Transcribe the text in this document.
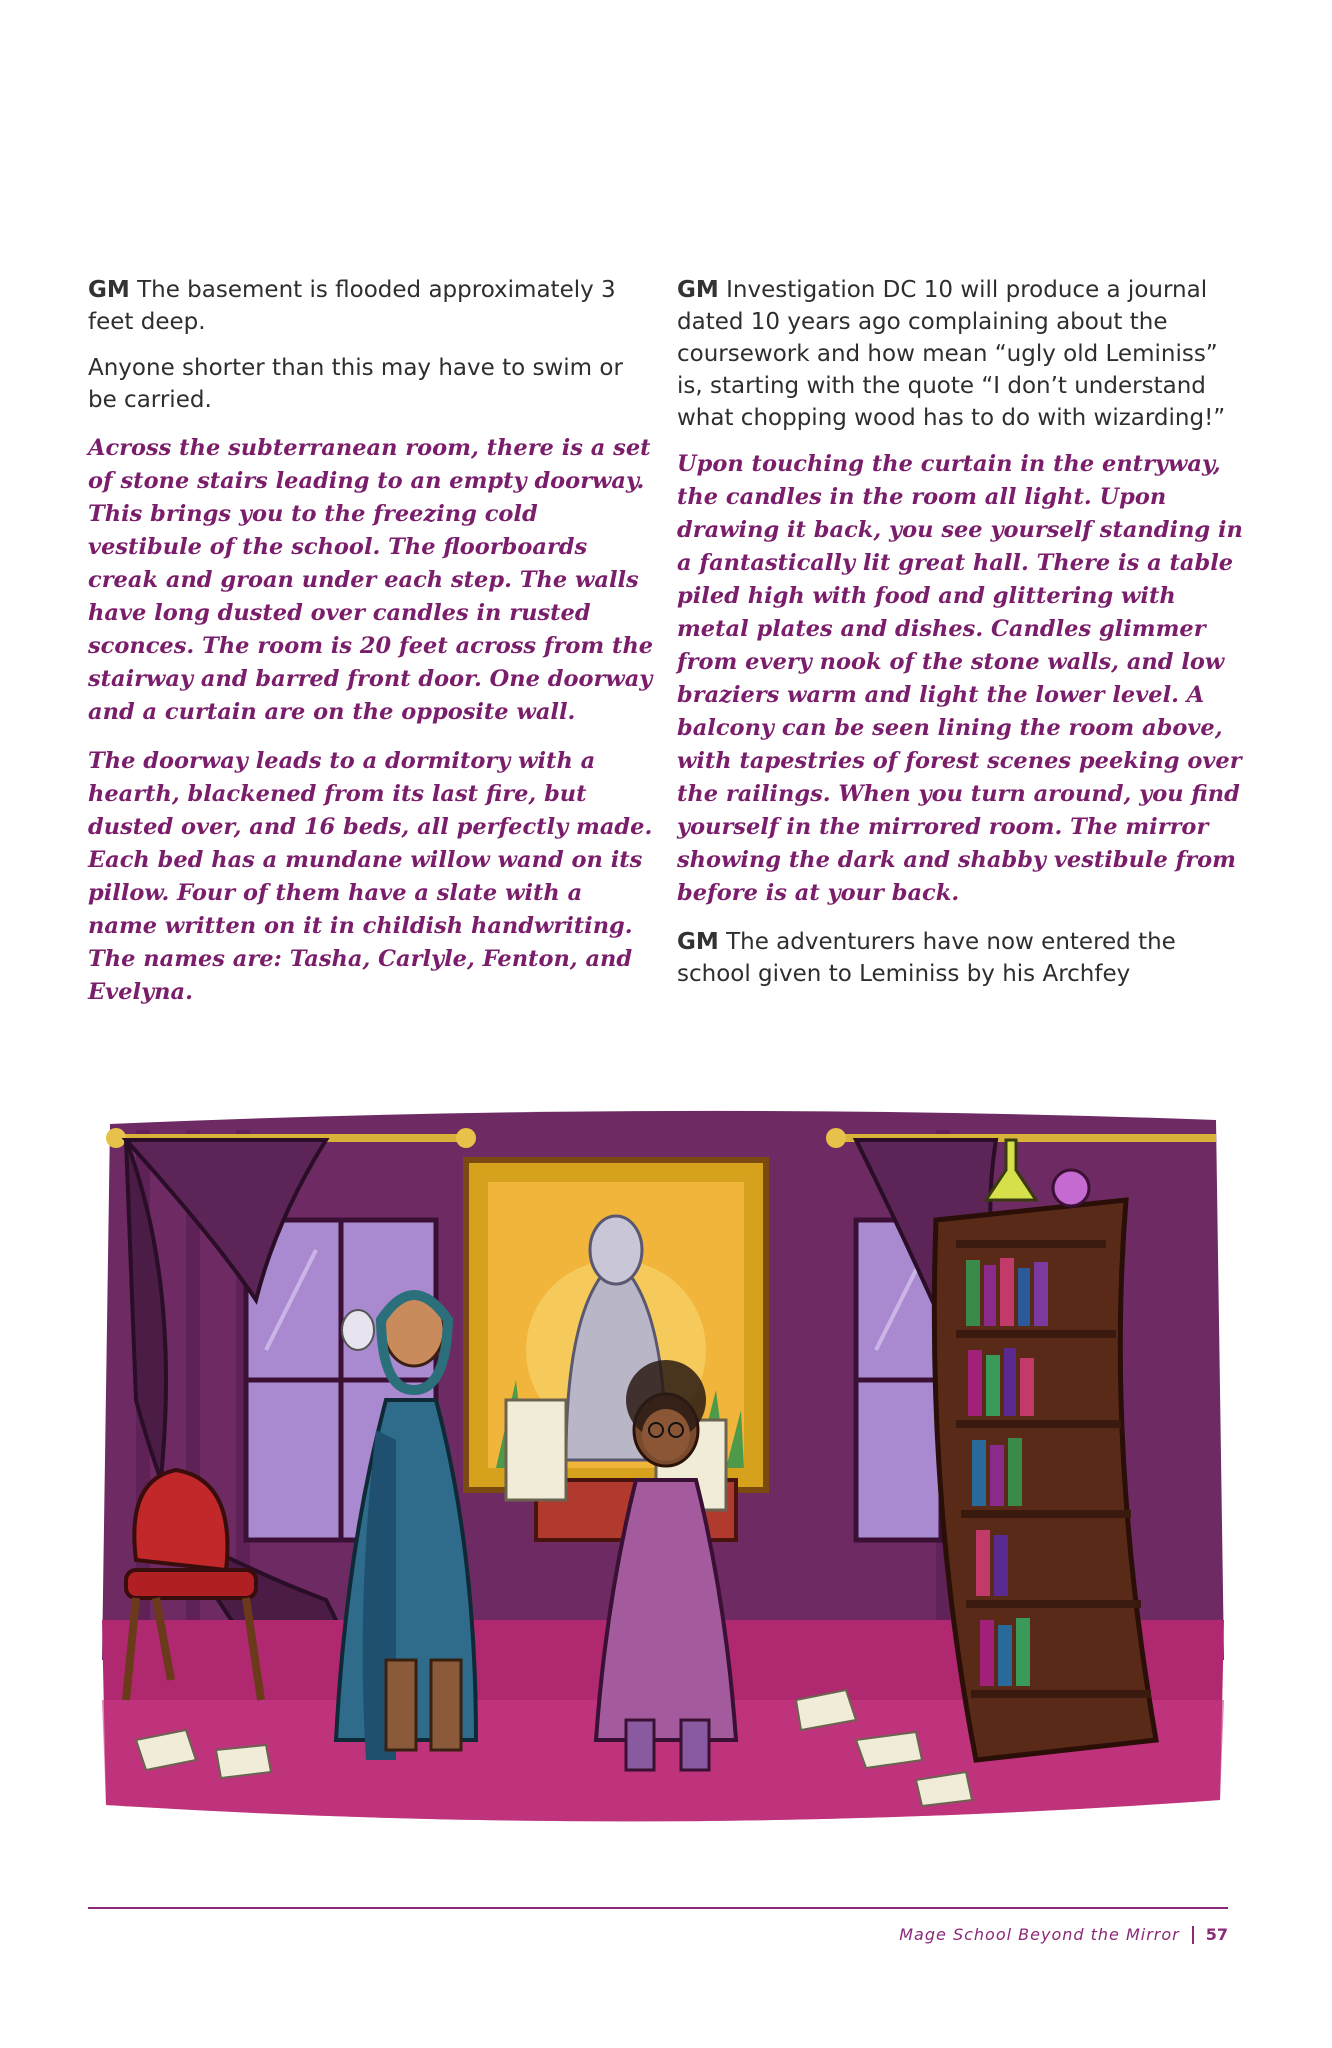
GM The basement is flooded approximately 3 feet deep.

Anyone shorter than this may have to swim or be carried.

Across the subterranean room, there is a set of stone stairs leading to an empty doorway. This brings you to the freezing cold vestibule of the school. The floorboards creak and groan under each step. The walls have long dusted over candles in rusted sconces. The room is 20 feet across from the stairway and barred front door. One doorway and a curtain are on the opposite wall.

The doorway leads to a dormitory with a hearth, blackened from its last fire, but dusted over, and 16 beds, all perfectly made. Each bed has a mundane willow wand on its pillow. Four of them have a slate with a name written on it in childish handwriting. The names are: Tasha, Carlyle, Fenton, and Evelyna.

GM Investigation DC 10 will produce a journal dated 10 years ago complaining about the coursework and how mean “ugly old Leminiss” is, starting with the quote “I don’t understand what chopping wood has to do with wizarding!”

Upon touching the curtain in the entryway, the candles in the room all light. Upon drawing it back, you see yourself standing in a fantastically lit great hall. There is a table piled high with food and glittering with metal plates and dishes. Candles glimmer from every nook of the stone walls, and low braziers warm and light the lower level. A balcony can be seen lining the room above, with tapestries of forest scenes peeking over the railings. When you turn around, you find yourself in the mirrored room. The mirror showing the dark and shabby vestibule from before is at your back.

GM The adventurers have now entered the school given to Leminiss by his Archfey

Mage School Beyond the Mirror 57
